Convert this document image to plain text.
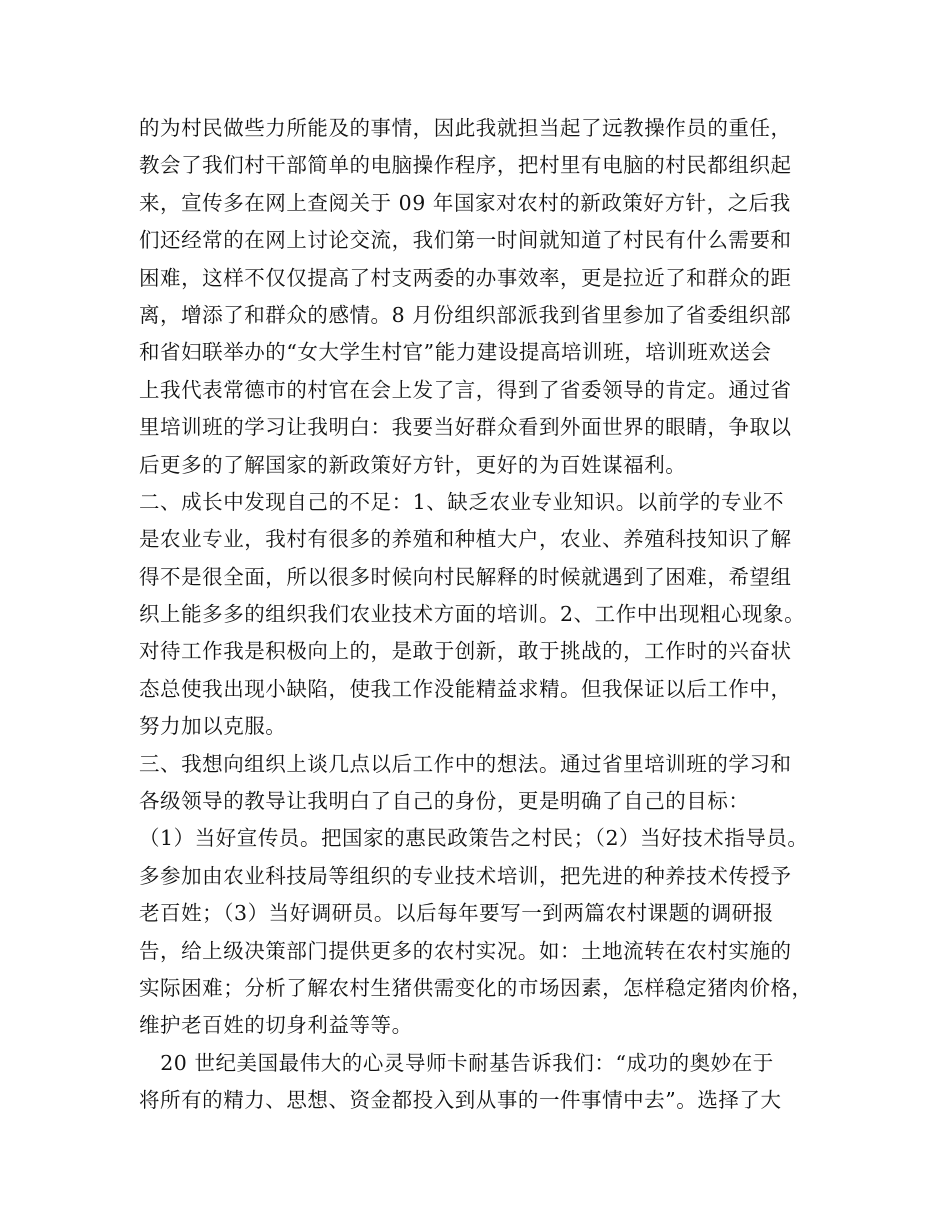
的为村民做些力所能及的事情，因此我就担当起了远教操作员的重任，
教会了我们村干部简单的电脑操作程序，把村里有电脑的村民都组织起
来，宣传多在网上查阅关于 09 年国家对农村的新政策好方针，之后我
们还经常的在网上讨论交流，我们第一时间就知道了村民有什么需要和
困难，这样不仅仅提高了村支两委的办事效率，更是拉近了和群众的距
离，增添了和群众的感情。8 月份组织部派我到省里参加了省委组织部
和省妇联举办的“女大学生村官”能力建设提高培训班，培训班欢送会
上我代表常德市的村官在会上发了言，得到了省委领导的肯定。通过省
里培训班的学习让我明白：我要当好群众看到外面世界的眼睛，争取以
后更多的了解国家的新政策好方针，更好的为百姓谋福利。
二、成长中发现自己的不足：1、缺乏农业专业知识。以前学的专业不
是农业专业，我村有很多的养殖和种植大户，农业、养殖科技知识了解
得不是很全面，所以很多时候向村民解释的时候就遇到了困难，希望组
织上能多多的组织我们农业技术方面的培训。2、工作中出现粗心现象。
对待工作我是积极向上的，是敢于创新，敢于挑战的，工作时的兴奋状
态总使我出现小缺陷，使我工作没能精益求精。但我保证以后工作中，
努力加以克服。
三、我想向组织上谈几点以后工作中的想法。通过省里培训班的学习和
各级领导的教导让我明白了自己的身份，更是明确了自己的目标：
（1）当好宣传员。把国家的惠民政策告之村民；（2）当好技术指导员。
多参加由农业科技局等组织的专业技术培训，把先进的种养技术传授予
老百姓；（3）当好调研员。以后每年要写一到两篇农村课题的调研报
告，给上级决策部门提供更多的农村实况。如：土地流转在农村实施的
实际困难；分析了解农村生猪供需变化的市场因素，怎样稳定猪肉价格，
维护老百姓的切身利益等等。
20 世纪美国最伟大的心灵导师卡耐基告诉我们：“成功的奥妙在于
将所有的精力、思想、资金都投入到从事的一件事情中去”。选择了大
